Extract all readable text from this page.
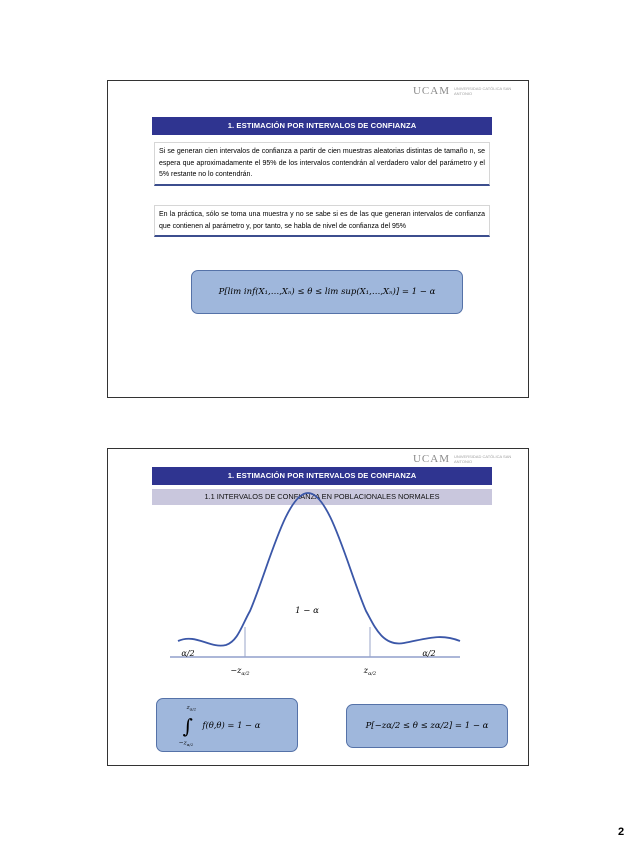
UCAM UNIVERSIDAD CATÓLICA SAN ANTONIO
1. ESTIMACIÓN POR INTERVALOS DE CONFIANZA
Si se generan cien intervalos de confianza a partir de cien muestras aleatorias distintas de tamaño n, se espera que aproximadamente el 95% de los intervalos contendrán al verdadero valor del parámetro y el 5% restante no lo contendrán.
En la práctica, sólo se toma una muestra y no se sabe si es de las que generan intervalos de confianza que contienen al parámetro y, por tanto, se habla de nivel de confianza del 95%
P[lim inf(X₁,…,Xₙ) ≤ θ ≤ lim sup(X₁,…,Xₙ)] = 1 − α
UCAM UNIVERSIDAD CATÓLICA SAN ANTONIO
1. ESTIMACIÓN POR INTERVALOS DE CONFIANZA
1.1 INTERVALOS DE CONFIANZA EN POBLACIONALES NORMALES
1 − α
α/2	α/2
$-z_{\alpha/2}$	$z_{\alpha/2}$
$z_{\alpha/2}$
∫
$-z_{\alpha/2}$
f(θ,θ) = 1 − α	P[−zα/2 ≤ θ ≤ zα/2] = 1 − α
2
